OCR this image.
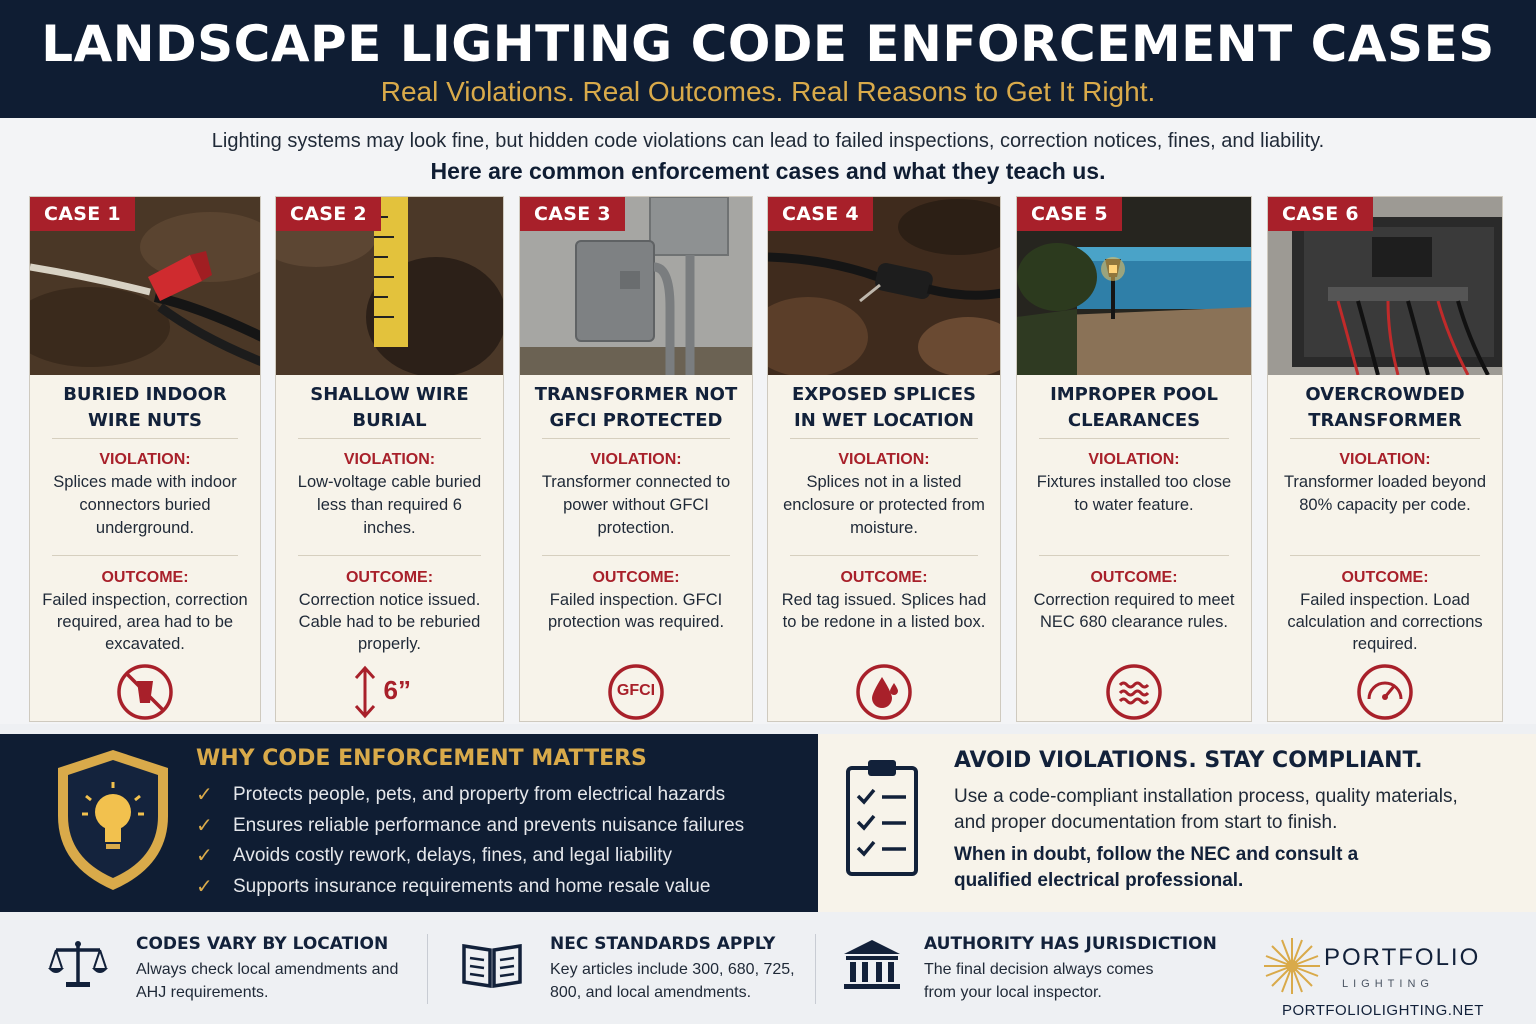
LANDSCAPE LIGHTING CODE ENFORCEMENT CASES
Real Violations. Real Outcomes. Real Reasons to Get It Right.
Lighting systems may look fine, but hidden code violations can lead to failed inspections, correction notices, fines, and liability.
Here are common enforcement cases and what they teach us.
CASE 1
BURIED INDOOR WIRE NUTS
VIOLATION:
Splices made with indoor connectors buried underground.
OUTCOME:
Failed inspection, correction required, area had to be excavated.
CASE 2
SHALLOW WIRE BURIAL
VIOLATION:
Low-voltage cable buried less than required 6 inches.
OUTCOME:
Correction notice issued. Cable had to be reburied properly.
6”
CASE 3
TRANSFORMER NOT GFCI PROTECTED
VIOLATION:
Transformer connected to power without GFCI protection.
OUTCOME:
Failed inspection. GFCI protection was required.
GFCI
CASE 4
EXPOSED SPLICES IN WET LOCATION
VIOLATION:
Splices not in a listed enclosure or protected from moisture.
OUTCOME:
Red tag issued. Splices had to be redone in a listed box.
CASE 5
IMPROPER POOL CLEARANCES
VIOLATION:
Fixtures installed too close to water feature.
OUTCOME:
Correction required to meet NEC 680 clearance rules.
CASE 6
OVERCROWDED TRANSFORMER
VIOLATION:
Transformer loaded beyond 80% capacity per code.
OUTCOME:
Failed inspection. Load calculation and corrections required.
WHY CODE ENFORCEMENT MATTERS
✓	Protects people, pets, and property from electrical hazards
✓	Ensures reliable performance and prevents nuisance failures
✓	Avoids costly rework, delays, fines, and legal liability
✓	Supports insurance requirements and home resale value
AVOID VIOLATIONS. STAY COMPLIANT.
Use a code-compliant installation process, quality materials, and proper documentation from start to finish.
When in doubt, follow the NEC and consult a qualified electrical professional.
CODES VARY BY LOCATION
Always check local amendments and AHJ requirements.
NEC STANDARDS APPLY
Key articles include 300, 680, 725, 800, and local amendments.
AUTHORITY HAS JURISDICTION
The final decision always comes from your local inspector.
PORTFOLIO
LIGHTING
PORTFOLIOLIGHTING.NET
